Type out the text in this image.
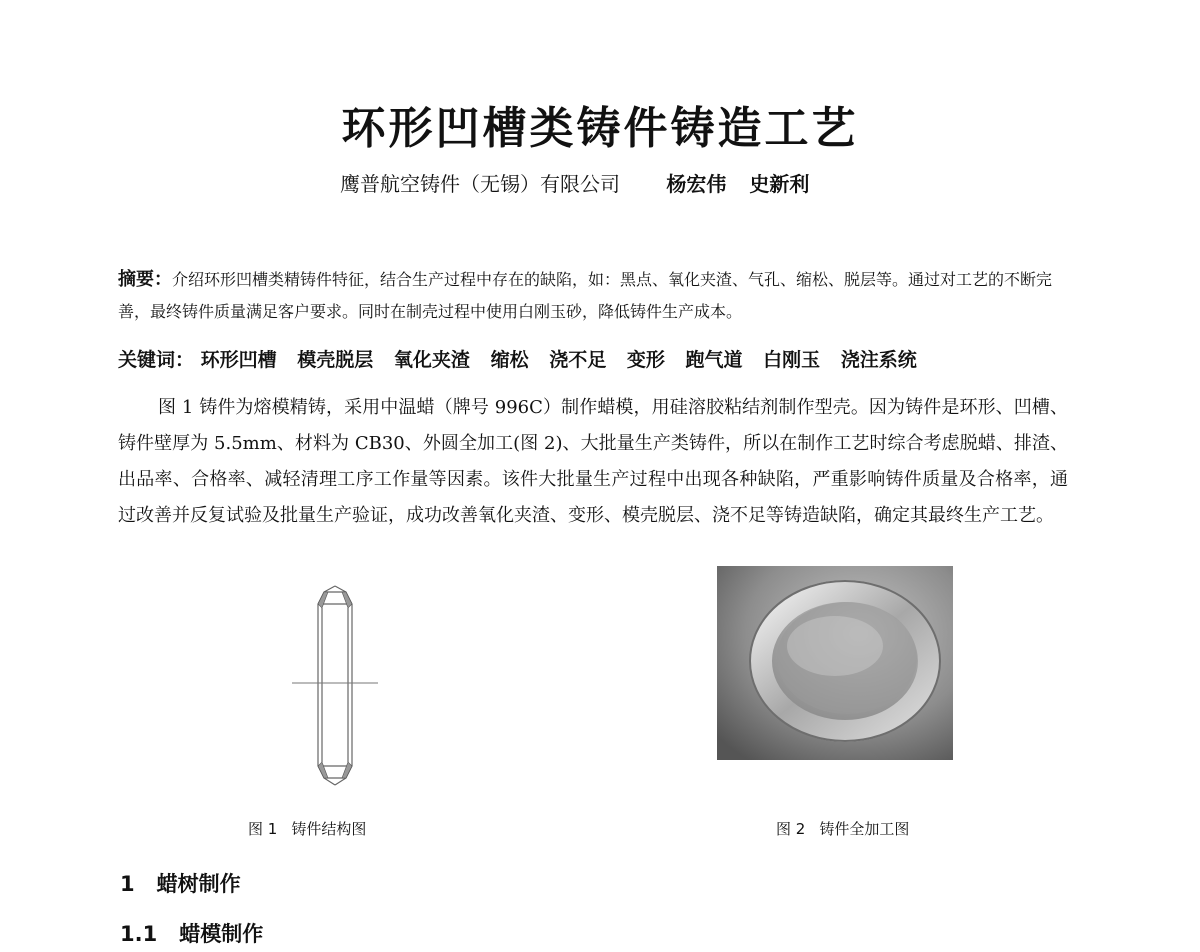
环形凹槽类铸件铸造工艺
鹰普航空铸件（无锡）有限公司 杨宏伟 史新利
摘要：介绍环形凹槽类精铸件特征，结合生产过程中存在的缺陷，如：黑点、氧化夹渣、气孔、缩松、脱层等。通过对工艺的不断完善，最终铸件质量满足客户要求。同时在制壳过程中使用白刚玉砂，降低铸件生产成本。
关键词： 环形凹槽 模壳脱层 氧化夹渣 缩松 浇不足 变形 跑气道 白刚玉 浇注系统

图 1 铸件为熔模精铸，采用中温蜡（牌号 996C）制作蜡模，用硅溶胶粘结剂制作型壳。因为铸件是环形、凹槽、铸件壁厚为 5.5mm、材料为 CB30、外圆全加工(图 2)、大批量生产类铸件，所以在制作工艺时综合考虑脱蜡、排渣、出品率、合格率、减轻清理工序工作量等因素。该件大批量生产过程中出现各种缺陷，严重影响铸件质量及合格率，通过改善并反复试验及批量生产验证，成功改善氧化夹渣、变形、模壳脱层、浇不足等铸造缺陷，确定其最终生产工艺。

图 1 铸件结构图	图 2 铸件全加工图
1 蜡树制作
1.1 蜡模制作
